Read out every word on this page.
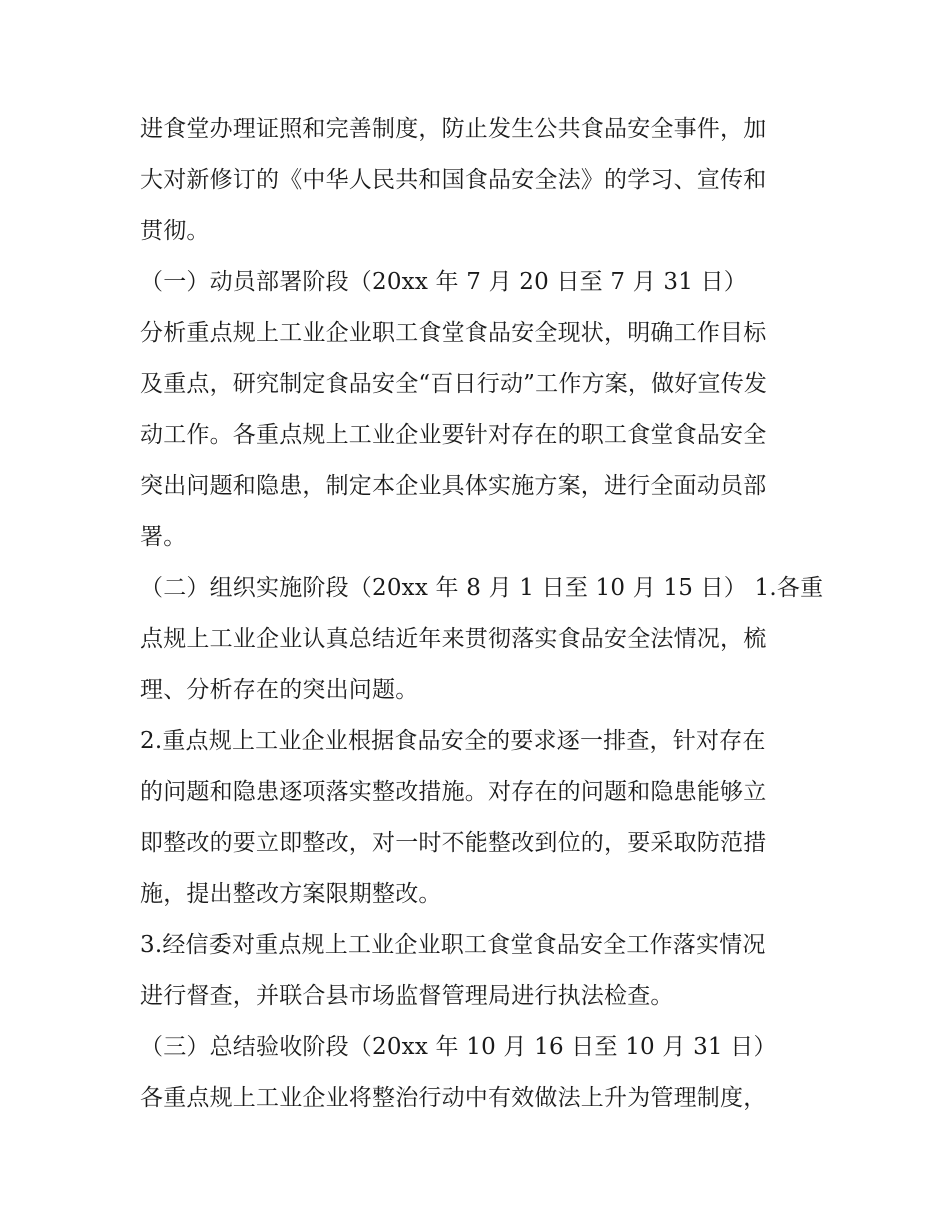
进食堂办理证照和完善制度，防止发生公共食品安全事件，加
大对新修订的《中华人民共和国食品安全法》的学习、宣传和
贯彻。

（一）动员部署阶段（20xx 年 7 月 20 日至 7 月 31 日）

分析重点规上工业企业职工食堂食品安全现状，明确工作目标
及重点，研究制定食品安全“百日行动”工作方案，做好宣传发
动工作。各重点规上工业企业要针对存在的职工食堂食品安全
突出问题和隐患，制定本企业具体实施方案，进行全面动员部
署。

（二）组织实施阶段（20xx 年 8 月 1 日至 10 月 15 日） 1.各重
点规上工业企业认真总结近年来贯彻落实食品安全法情况，梳
理、分析存在的突出问题。

2.重点规上工业企业根据食品安全的要求逐一排查，针对存在
的问题和隐患逐项落实整改措施。对存在的问题和隐患能够立
即整改的要立即整改，对一时不能整改到位的，要采取防范措
施，提出整改方案限期整改。

3.经信委对重点规上工业企业职工食堂食品安全工作落实情况
进行督查，并联合县市场监督管理局进行执法检查。

（三）总结验收阶段（20xx 年 10 月 16 日至 10 月 31 日）

各重点规上工业企业将整治行动中有效做法上升为管理制度，
